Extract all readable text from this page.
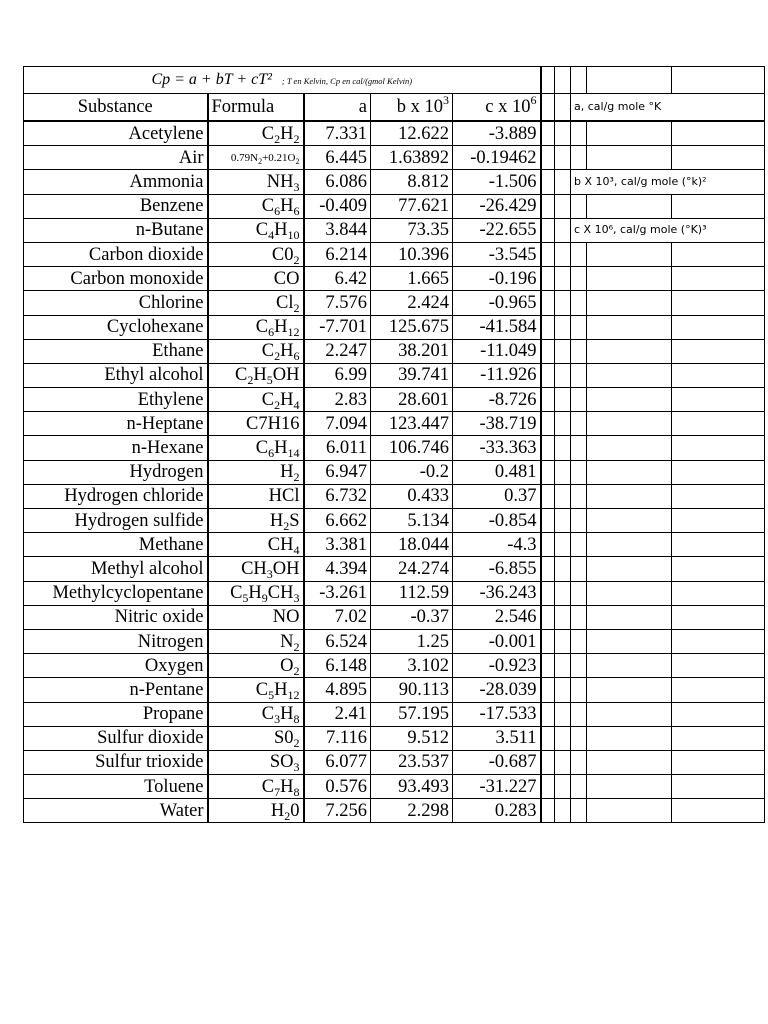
Cp = a + bT + cT² ; T en Kelvin, Cp en cal/(gmol Kelvin)									
Substance	Formula	a	b x $10^3$	c x $10^6$			a, cal/g mole °K		
Acetylene	$C_2H_2$	7.331	12.622	-3.889					
Air	$0.79N_2+0.21O_2$	6.445	1.63892	-0.19462					
Ammonia	$NH_3$	6.086	8.812	-1.506			b X 10³, cal/g mole (°k)²		
Benzene	$C_6H_6$	-0.409	77.621	-26.429					
n-Butane	$C_4H_{10}$	3.844	73.35	-22.655			c X 10⁶, cal/g mole (°K)³		
Carbon dioxide	$C0_2$	6.214	10.396	-3.545					
Carbon monoxide	CO	6.42	1.665	-0.196					
Chlorine	$Cl_2$	7.576	2.424	-0.965					
Cyclohexane	$C_6H_{12}$	-7.701	125.675	-41.584					
Ethane	$C_2H_6$	2.247	38.201	-11.049					
Ethyl alcohol	$C_2H_5OH$	6.99	39.741	-11.926					
Ethylene	$C_2H_4$	2.83	28.601	-8.726					
n-Heptane	C7H16	7.094	123.447	-38.719					
n-Hexane	$C_6H_{14}$	6.011	106.746	-33.363					
Hydrogen	$H_2$	6.947	-0.2	0.481					
Hydrogen chloride	HCl	6.732	0.433	0.37					
Hydrogen sulfide	$H_2S$	6.662	5.134	-0.854					
Methane	$CH_4$	3.381	18.044	-4.3					
Methyl alcohol	$CH_3OH$	4.394	24.274	-6.855					
Methylcyclopentane	$C_5H_9CH_3$	-3.261	112.59	-36.243					
Nitric oxide	NO	7.02	-0.37	2.546					
Nitrogen	$N_2$	6.524	1.25	-0.001					
Oxygen	$O_2$	6.148	3.102	-0.923					
n-Pentane	$C_5H_{12}$	4.895	90.113	-28.039					
Propane	$C_3H_8$	2.41	57.195	-17.533					
Sulfur dioxide	$S0_2$	7.116	9.512	3.511					
Sulfur trioxide	$SO_3$	6.077	23.537	-0.687					
Toluene	$C_7H_8$	0.576	93.493	-31.227					
Water	$H_20$	7.256	2.298	0.283					
